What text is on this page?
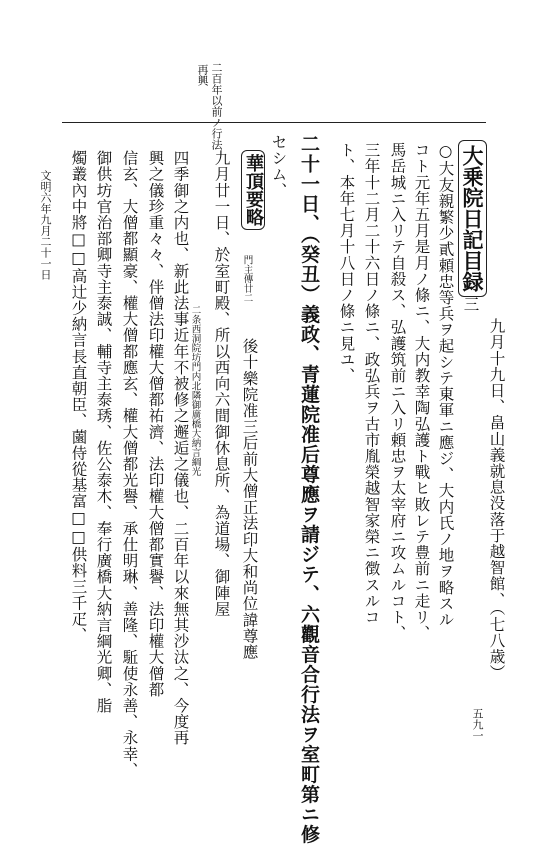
再興 二百年以前ノ行法
大乗院日記目録
三
九月十九日、畠山義就息没落于越智館、（七八歳）
○大友親繁少貳頼忠等兵ヲ起シテ東軍ニ應ジ、大内氏ノ地ヲ略スル
コト元年五月是月ノ條ニ、大内教幸陶弘護ト戰ヒ敗レテ豊前ニ走リ、
馬岳城ニ入リテ自殺ス、弘護筑前ニ入リ頼忠ヲ太宰府ニ攻ムルコト、
三年十二月二十六日ノ條ニ、政弘兵ヲ古市胤榮越智家榮ニ徴スルコ
ト、本年七月十八日ノ條ニ見ユ、
二十一日、（癸丑）義政、青蓮院准后尊應ヲ請ジテ、六觀音合行法ヲ室町第ニ修
セシム、
華頂要略
門主傳廿二
後十樂院准三后前大僧正法印大和尚位諱尊應
九月廿一日、於室町殿、所以西向六間御休息所、為道場、御陣屋
二条西洞院坊門内北隣御廣橋大納言綱光
四季御之内也、新此法事近年不被修之邂逅之儀也、二百年以來無其沙汰之、今度再
興之儀珍重々々、伴僧法印權大僧都祐濟、法印權大僧都實譽、法印權大僧都
信玄、大僧都顯豪、權大僧都應玄、權大僧都光譽、承仕明琳、善隆、駈使永善、永幸、
御供坊官治部卿寺主泰誠、輔寺主泰琇、佐公泰木、奉行廣橋大納言綱光卿、脂
燭叢內中將□□高辻少納言長直朝臣、薗侍從基富□□供料三千疋、
文明六年九月二十一日
五九一
